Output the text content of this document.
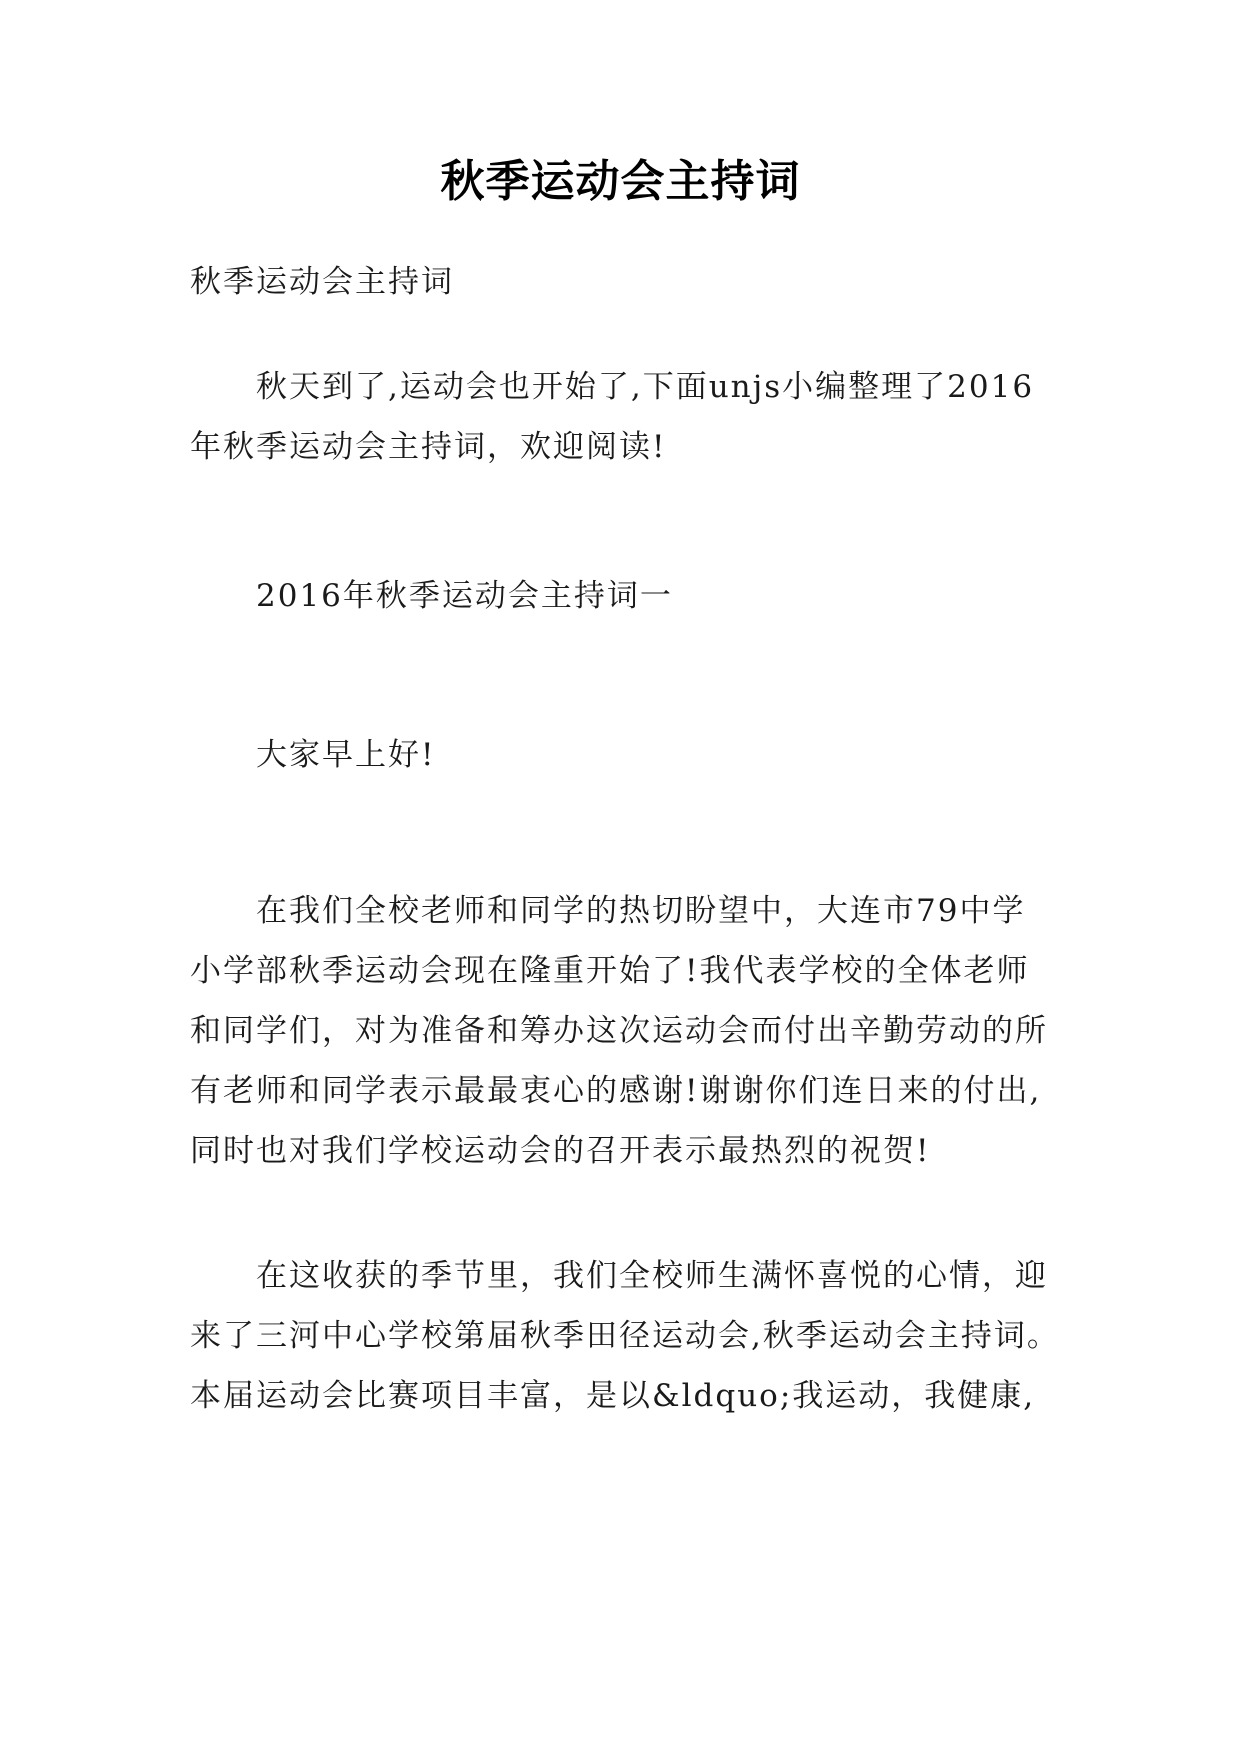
秋季运动会主持词

秋季运动会主持词

秋天到了,运动会也开始了,下面unjs小编整理了2016
年秋季运动会主持词，欢迎阅读!

2016年秋季运动会主持词一

大家早上好!

在我们全校老师和同学的热切盼望中，大连市79中学
小学部秋季运动会现在隆重开始了!我代表学校的全体老师
和同学们，对为准备和筹办这次运动会而付出辛勤劳动的所
有老师和同学表示最最衷心的感谢!谢谢你们连日来的付出,
同时也对我们学校运动会的召开表示最热烈的祝贺!

在这收获的季节里，我们全校师生满怀喜悦的心情，迎
来了三河中心学校第届秋季田径运动会,秋季运动会主持词。
本届运动会比赛项目丰富，是以&ldquo;我运动，我健康,
